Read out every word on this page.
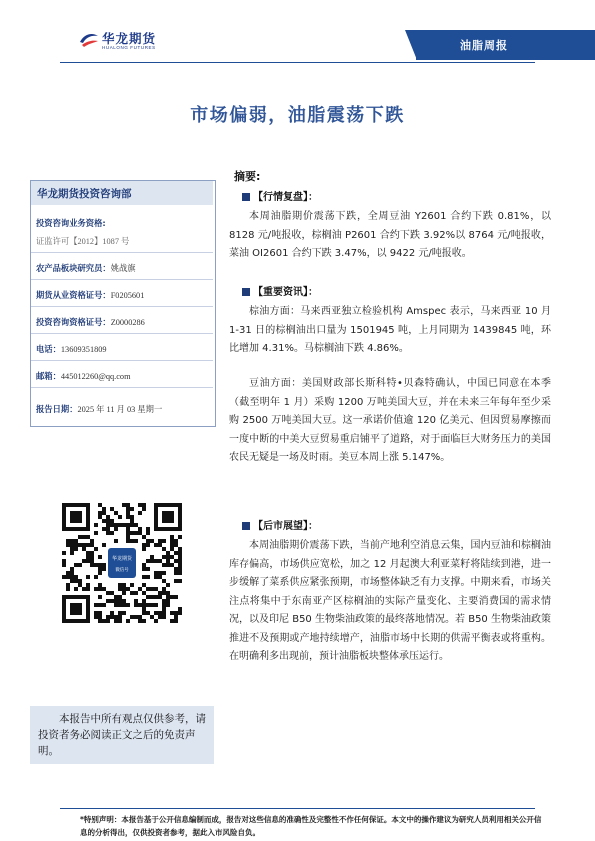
华龙期货
HUALONG FUTURES	油脂周报
市场偏弱，油脂震荡下跌
华龙期货投资咨询部
投资咨询业务资格:
证监许可【2012】1087 号
农产品板块研究员：姚战旗
期货从业资格证号：F0205601
投资咨询资格证号：Z0000286
电话：13609351809
邮箱：445012260@qq.com
报告日期：2025 年 11 月 03 星期一
华龙期货
微信号
本报告中所有观点仅供参考，请投资者务必阅读正文之后的免责声明。
摘要:
【行情复盘】：
本周油脂期价震荡下跌，全周豆油 Y2601 合约下跌 0.81%，以 8128 元/吨报收，棕榈油 P2601 合约下跌 3.92%以 8764 元/吨报收，菜油 OI2601 合约下跌 3.47%，以 9422 元/吨报收。
【重要资讯】：
棕油方面：马来西亚独立检验机构 Amspec 表示，马来西亚 10 月 1-31 日的棕榈油出口量为 1501945 吨，上月同期为 1439845 吨，环比增加 4.31%。马棕榈油下跌 4.86%。
豆油方面：美国财政部长斯科特•贝森特确认，中国已同意在本季（截至明年 1 月）采购 1200 万吨美国大豆，并在未来三年每年至少采购 2500 万吨美国大豆。这一承诺价值逾 120 亿美元、但因贸易摩擦而一度中断的中美大豆贸易重启铺平了道路，对于面临巨大财务压力的美国农民无疑是一场及时雨。美豆本周上涨 5.147%。
【后市展望】：
本周油脂期价震荡下跌，当前产地利空消息云集，国内豆油和棕榈油库存偏高，市场供应宽松，加之 12 月起澳大利亚菜籽将陆续到港，进一步缓解了菜系供应紧张预期，市场整体缺乏有力支撑。中期来看，市场关注点将集中于东南亚产区棕榈油的实际产量变化、主要消费国的需求情况，以及印尼 B50 生物柴油政策的最终落地情况。若 B50 生物柴油政策推进不及预期或产地持续增产，油脂市场中长期的供需平衡表或将重构。在明确利多出现前，预计油脂板块整体承压运行。
*特别声明：本报告基于公开信息编制而成，报告对这些信息的准确性及完整性不作任何保证。本文中的操作建议为研究人员利用相关公开信息的分析得出，仅供投资者参考，据此入市风险自负。
